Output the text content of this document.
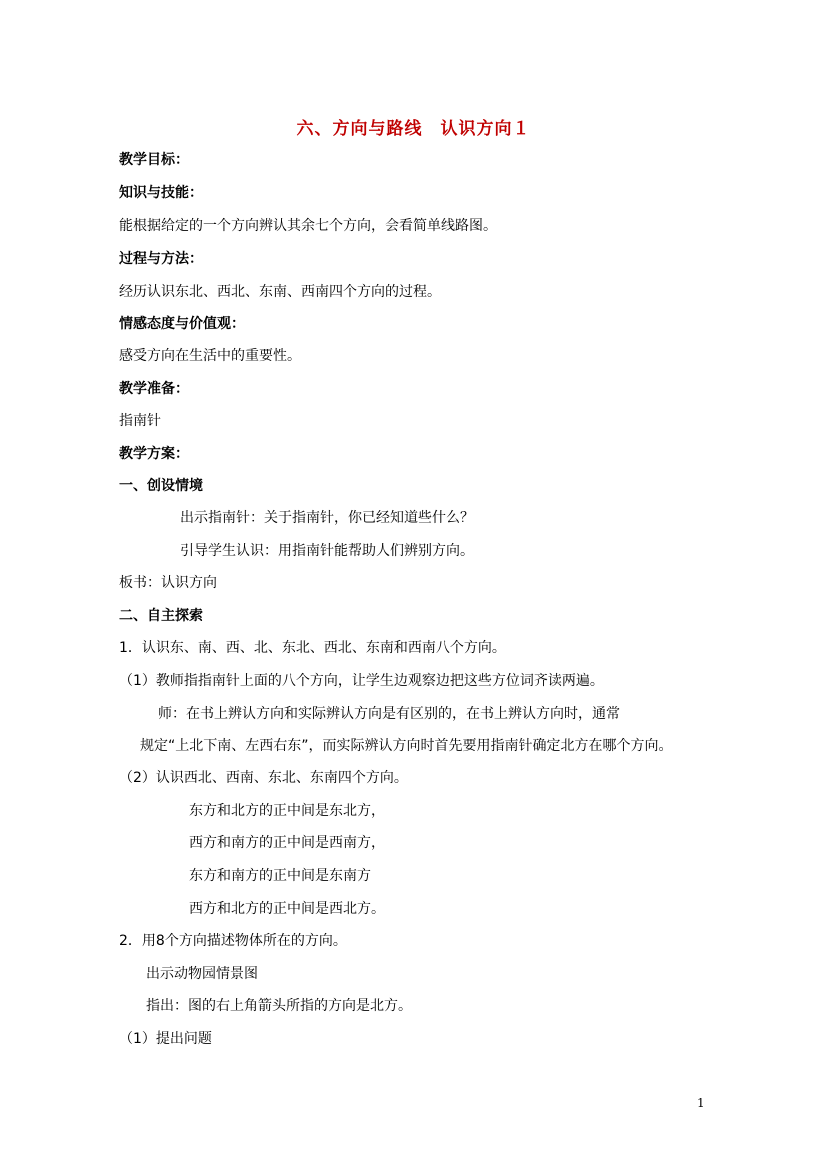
六、方向与路线　认识方向１
教学目标：
知识与技能：
能根据给定的一个方向辨认其余七个方向，会看简单线路图。
过程与方法：
经历认识东北、西北、东南、西南四个方向的过程。
情感态度与价值观：
感受方向在生活中的重要性。
教学准备：
指南针
教学方案：
一、创设情境
出示指南针：关于指南针，你已经知道些什么？
引导学生认识：用指南针能帮助人们辨别方向。
板书：认识方向
二、自主探索
1．认识东、南、西、北、东北、西北、东南和西南八个方向。
（1）教师指指南针上面的八个方向，让学生边观察边把这些方位词齐读两遍。
师：在书上辨认方向和实际辨认方向是有区别的，在书上辨认方向时，通常
规定“上北下南、左西右东”，而实际辨认方向时首先要用指南针确定北方在哪个方向。
（2）认识西北、西南、东北、东南四个方向。
东方和北方的正中间是东北方，
西方和南方的正中间是西南方，
东方和南方的正中间是东南方
西方和北方的正中间是西北方。
2．用8个方向描述物体所在的方向。
出示动物园情景图
指出：图的右上角箭头所指的方向是北方。
（1）提出问题
1
